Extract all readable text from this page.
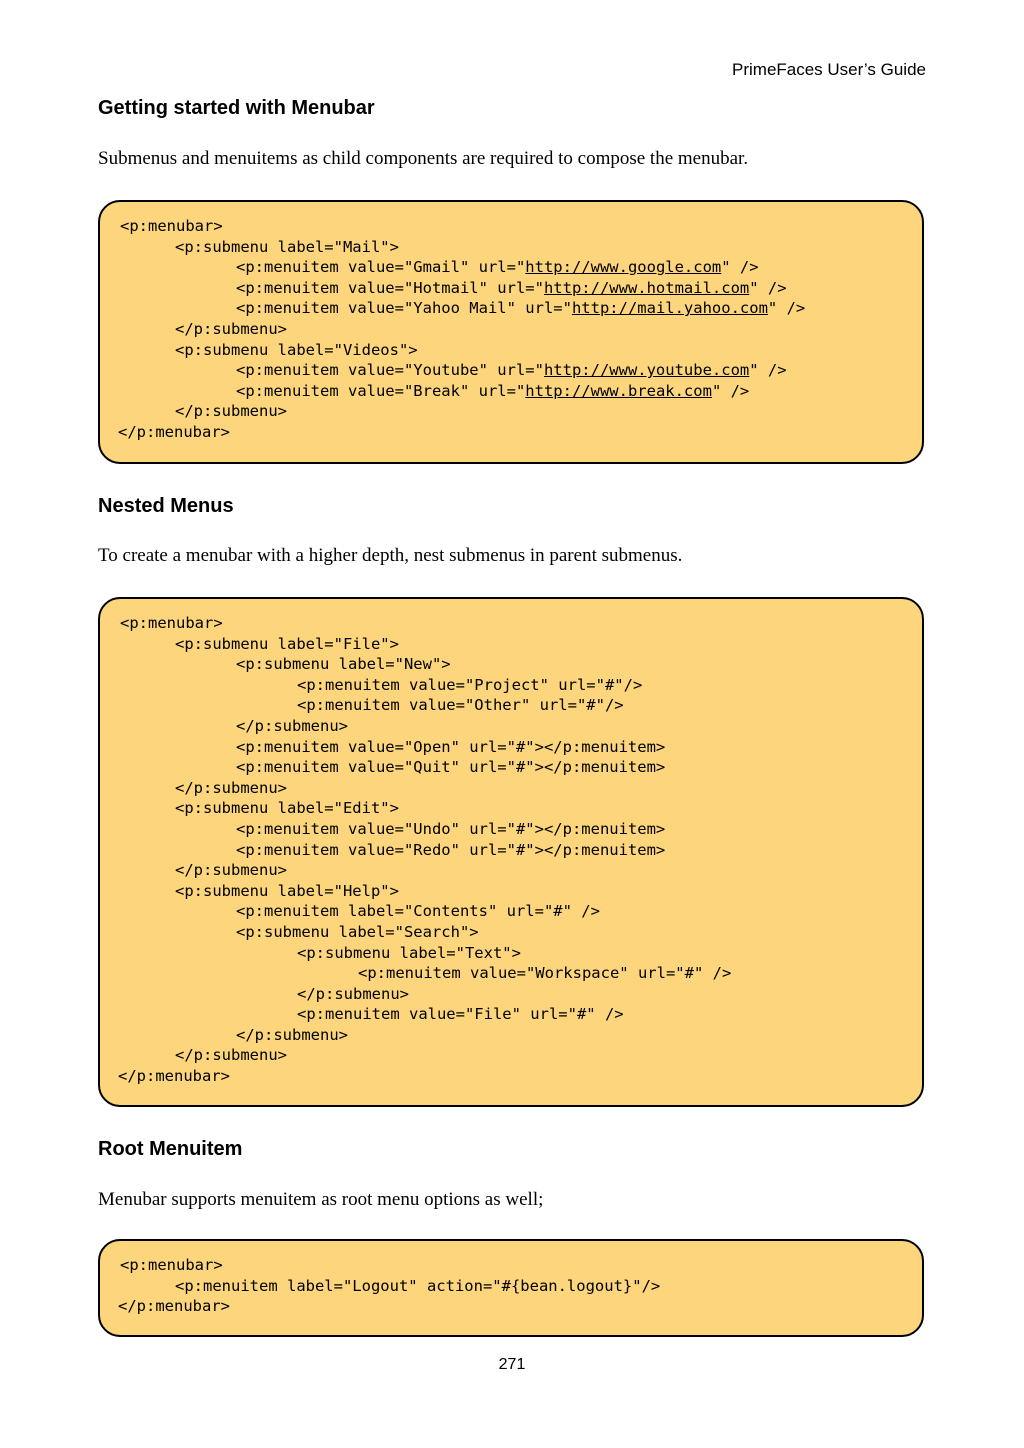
PrimeFaces User’s Guide
Getting started with Menubar

Submenus and menuitems as child components are required to compose the menubar.

<p:menubar>
<p:submenu label="Mail">
<p:menuitem value="Gmail" url="http://www.google.com" />
<p:menuitem value="Hotmail" url="http://www.hotmail.com" />
<p:menuitem value="Yahoo Mail" url="http://mail.yahoo.com" />
</p:submenu>
<p:submenu label="Videos">
<p:menuitem value="Youtube" url="http://www.youtube.com" />
<p:menuitem value="Break" url="http://www.break.com" />
</p:submenu>
</p:menubar>
Nested Menus

To create a menubar with a higher depth, nest submenus in parent submenus.

<p:menubar>
<p:submenu label="File">
<p:submenu label="New">
<p:menuitem value="Project" url="#"/>
<p:menuitem value="Other" url="#"/>
</p:submenu>
<p:menuitem value="Open" url="#"></p:menuitem>
<p:menuitem value="Quit" url="#"></p:menuitem>
</p:submenu>
<p:submenu label="Edit">
<p:menuitem value="Undo" url="#"></p:menuitem>
<p:menuitem value="Redo" url="#"></p:menuitem>
</p:submenu>
<p:submenu label="Help">
<p:menuitem label="Contents" url="#" />
<p:submenu label="Search">
<p:submenu label="Text">
<p:menuitem value="Workspace" url="#" />
</p:submenu>
<p:menuitem value="File" url="#" />
</p:submenu>
</p:submenu>
</p:menubar>
Root Menuitem

Menubar supports menuitem as root menu options as well;

<p:menubar>
<p:menuitem label="Logout" action="#{bean.logout}"/>
</p:menubar>
271
